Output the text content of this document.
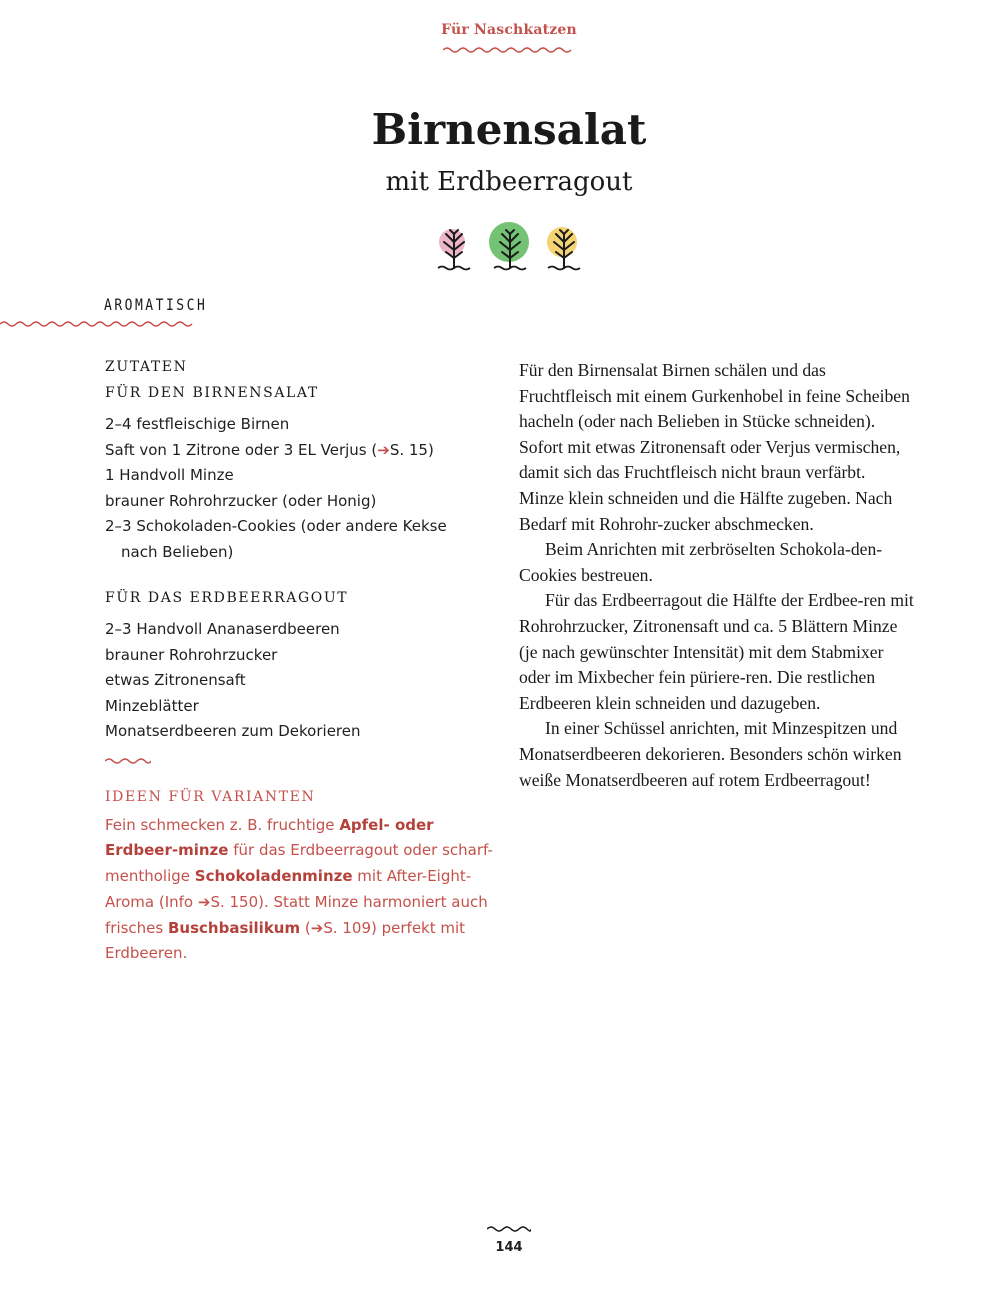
Für Naschkatzen
Birnensalat
mit Erdbeerragout
AROMATISCH
ZUTATEN
FÜR DEN BIRNENSALAT
2–4 festfleischige Birnen
Saft von 1 Zitrone oder 3 EL Verjus (➔S. 15)
1 Handvoll Minze
brauner Rohrohrzucker (oder Honig)
2–3 Schokoladen-Cookies (oder andere Kekse
nach Belieben)
FÜR DAS ERDBEERRAGOUT
2–3 Handvoll Ananaserdbeeren
brauner Rohrohrzucker
etwas Zitronensaft
Minzeblätter
Monatserdbeeren zum Dekorieren
IDEEN FÜR VARIANTEN
Fein schmecken z. B. fruchtige Apfel- oder Erdbeer-minze für das Erdbeerragout oder scharf-mentholige Schokoladenminze mit After-Eight-Aroma (Info ➔S. 150). Statt Minze harmoniert auch frisches Buschbasilikum (➔S. 109) perfekt mit Erdbeeren.

Für den Birnensalat Birnen schälen und das Fruchtfleisch mit einem Gurkenhobel in feine Scheiben hacheln (oder nach Belieben in Stücke schneiden). Sofort mit etwas Zitronensaft oder Verjus vermischen, damit sich das Fruchtfleisch nicht braun verfärbt. Minze klein schneiden und die Hälfte zugeben. Nach Bedarf mit Rohrohr-zucker abschmecken.

Beim Anrichten mit zerbröselten Schokola-den-Cookies bestreuen.

Für das Erdbeerragout die Hälfte der Erdbee-ren mit Rohrohrzucker, Zitronensaft und ca. 5 Blättern Minze (je nach gewünschter Intensität) mit dem Stabmixer oder im Mixbecher fein püriere-ren. Die restlichen Erdbeeren klein schneiden und dazugeben.

In einer Schüssel anrichten, mit Minzespitzen und Monatserdbeeren dekorieren. Besonders schön wirken weiße Monatserdbeeren auf rotem Erdbeerragout!

144
